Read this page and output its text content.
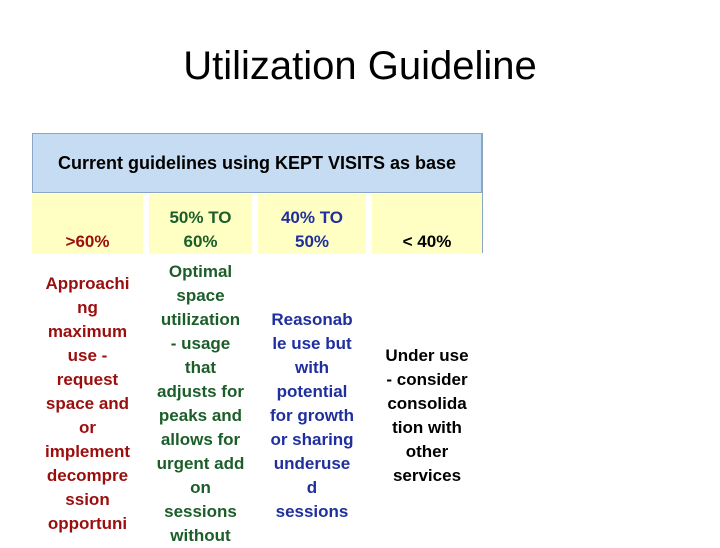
Utilization Guideline
Current guidelines using KEPT VISITS as base
>60%
50% TO
60%
40% TO
50%	< 40%
Approachi
ng
maximum
use -
request
space and
or
implement
decompre
ssion
opportuni
Optimal
space
utilization
- usage
that
adjusts for
peaks and
allows for
urgent add
on
sessions
without
Reasonab
le use but
with
potential
for growth
or sharing
underuse
d
sessions
Under use
- consider
consolida
tion with
other
services
